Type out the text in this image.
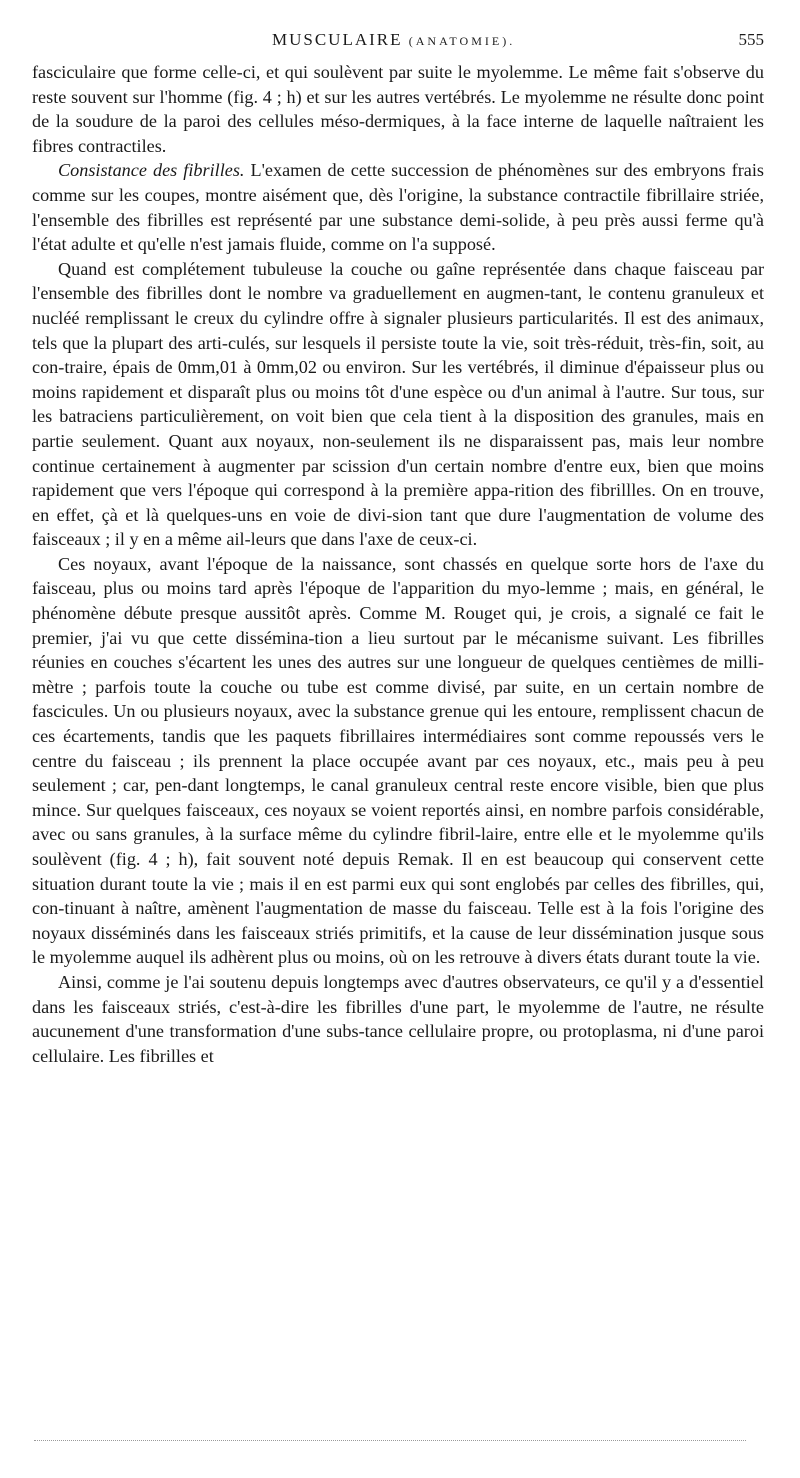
MUSCULAIRE (ANATOMIE).	555

fasciculaire que forme celle-ci, et qui soulèvent par suite le myolemme. Le même fait s'observe du reste souvent sur l'homme (fig. 4 ; h) et sur les autres vertébrés. Le myolemme ne résulte donc point de la soudure de la paroi des cellules méso-dermiques, à la face interne de laquelle naîtraient les fibres contractiles.

Consistance des fibrilles. L'examen de cette succession de phénomènes sur des embryons frais comme sur les coupes, montre aisément que, dès l'origine, la substance contractile fibrillaire striée, l'ensemble des fibrilles est représenté par une substance demi-solide, à peu près aussi ferme qu'à l'état adulte et qu'elle n'est jamais fluide, comme on l'a supposé.

Quand est complétement tubuleuse la couche ou gaîne représentée dans chaque faisceau par l'ensemble des fibrilles dont le nombre va graduellement en augmen-tant, le contenu granuleux et nucléé remplissant le creux du cylindre offre à signaler plusieurs particularités. Il est des animaux, tels que la plupart des arti-culés, sur lesquels il persiste toute la vie, soit très-réduit, très-fin, soit, au con-traire, épais de 0mm,01 à 0mm,02 ou environ. Sur les vertébrés, il diminue d'épaisseur plus ou moins rapidement et disparaît plus ou moins tôt d'une espèce ou d'un animal à l'autre. Sur tous, sur les batraciens particulièrement, on voit bien que cela tient à la disposition des granules, mais en partie seulement. Quant aux noyaux, non-seulement ils ne disparaissent pas, mais leur nombre continue certainement à augmenter par scission d'un certain nombre d'entre eux, bien que moins rapidement que vers l'époque qui correspond à la première appa-rition des fibrillles. On en trouve, en effet, çà et là quelques-uns en voie de divi-sion tant que dure l'augmentation de volume des faisceaux ; il y en a même ail-leurs que dans l'axe de ceux-ci.

Ces noyaux, avant l'époque de la naissance, sont chassés en quelque sorte hors de l'axe du faisceau, plus ou moins tard après l'époque de l'apparition du myo-lemme ; mais, en général, le phénomène débute presque aussitôt après. Comme M. Rouget qui, je crois, a signalé ce fait le premier, j'ai vu que cette dissémina-tion a lieu surtout par le mécanisme suivant. Les fibrilles réunies en couches s'écartent les unes des autres sur une longueur de quelques centièmes de milli-mètre ; parfois toute la couche ou tube est comme divisé, par suite, en un certain nombre de fascicules. Un ou plusieurs noyaux, avec la substance grenue qui les entoure, remplissent chacun de ces écartements, tandis que les paquets fibrillaires intermédiaires sont comme repoussés vers le centre du faisceau ; ils prennent la place occupée avant par ces noyaux, etc., mais peu à peu seulement ; car, pen-dant longtemps, le canal granuleux central reste encore visible, bien que plus mince. Sur quelques faisceaux, ces noyaux se voient reportés ainsi, en nombre parfois considérable, avec ou sans granules, à la surface même du cylindre fibril-laire, entre elle et le myolemme qu'ils soulèvent (fig. 4 ; h), fait souvent noté depuis Remak. Il en est beaucoup qui conservent cette situation durant toute la vie ; mais il en est parmi eux qui sont englobés par celles des fibrilles, qui, con-tinuant à naître, amènent l'augmentation de masse du faisceau. Telle est à la fois l'origine des noyaux disséminés dans les faisceaux striés primitifs, et la cause de leur dissémination jusque sous le myolemme auquel ils adhèrent plus ou moins, où on les retrouve à divers états durant toute la vie.

Ainsi, comme je l'ai soutenu depuis longtemps avec d'autres observateurs, ce qu'il y a d'essentiel dans les faisceaux striés, c'est-à-dire les fibrilles d'une part, le myolemme de l'autre, ne résulte aucunement d'une transformation d'une subs-tance cellulaire propre, ou protoplasma, ni d'une paroi cellulaire. Les fibrilles et
